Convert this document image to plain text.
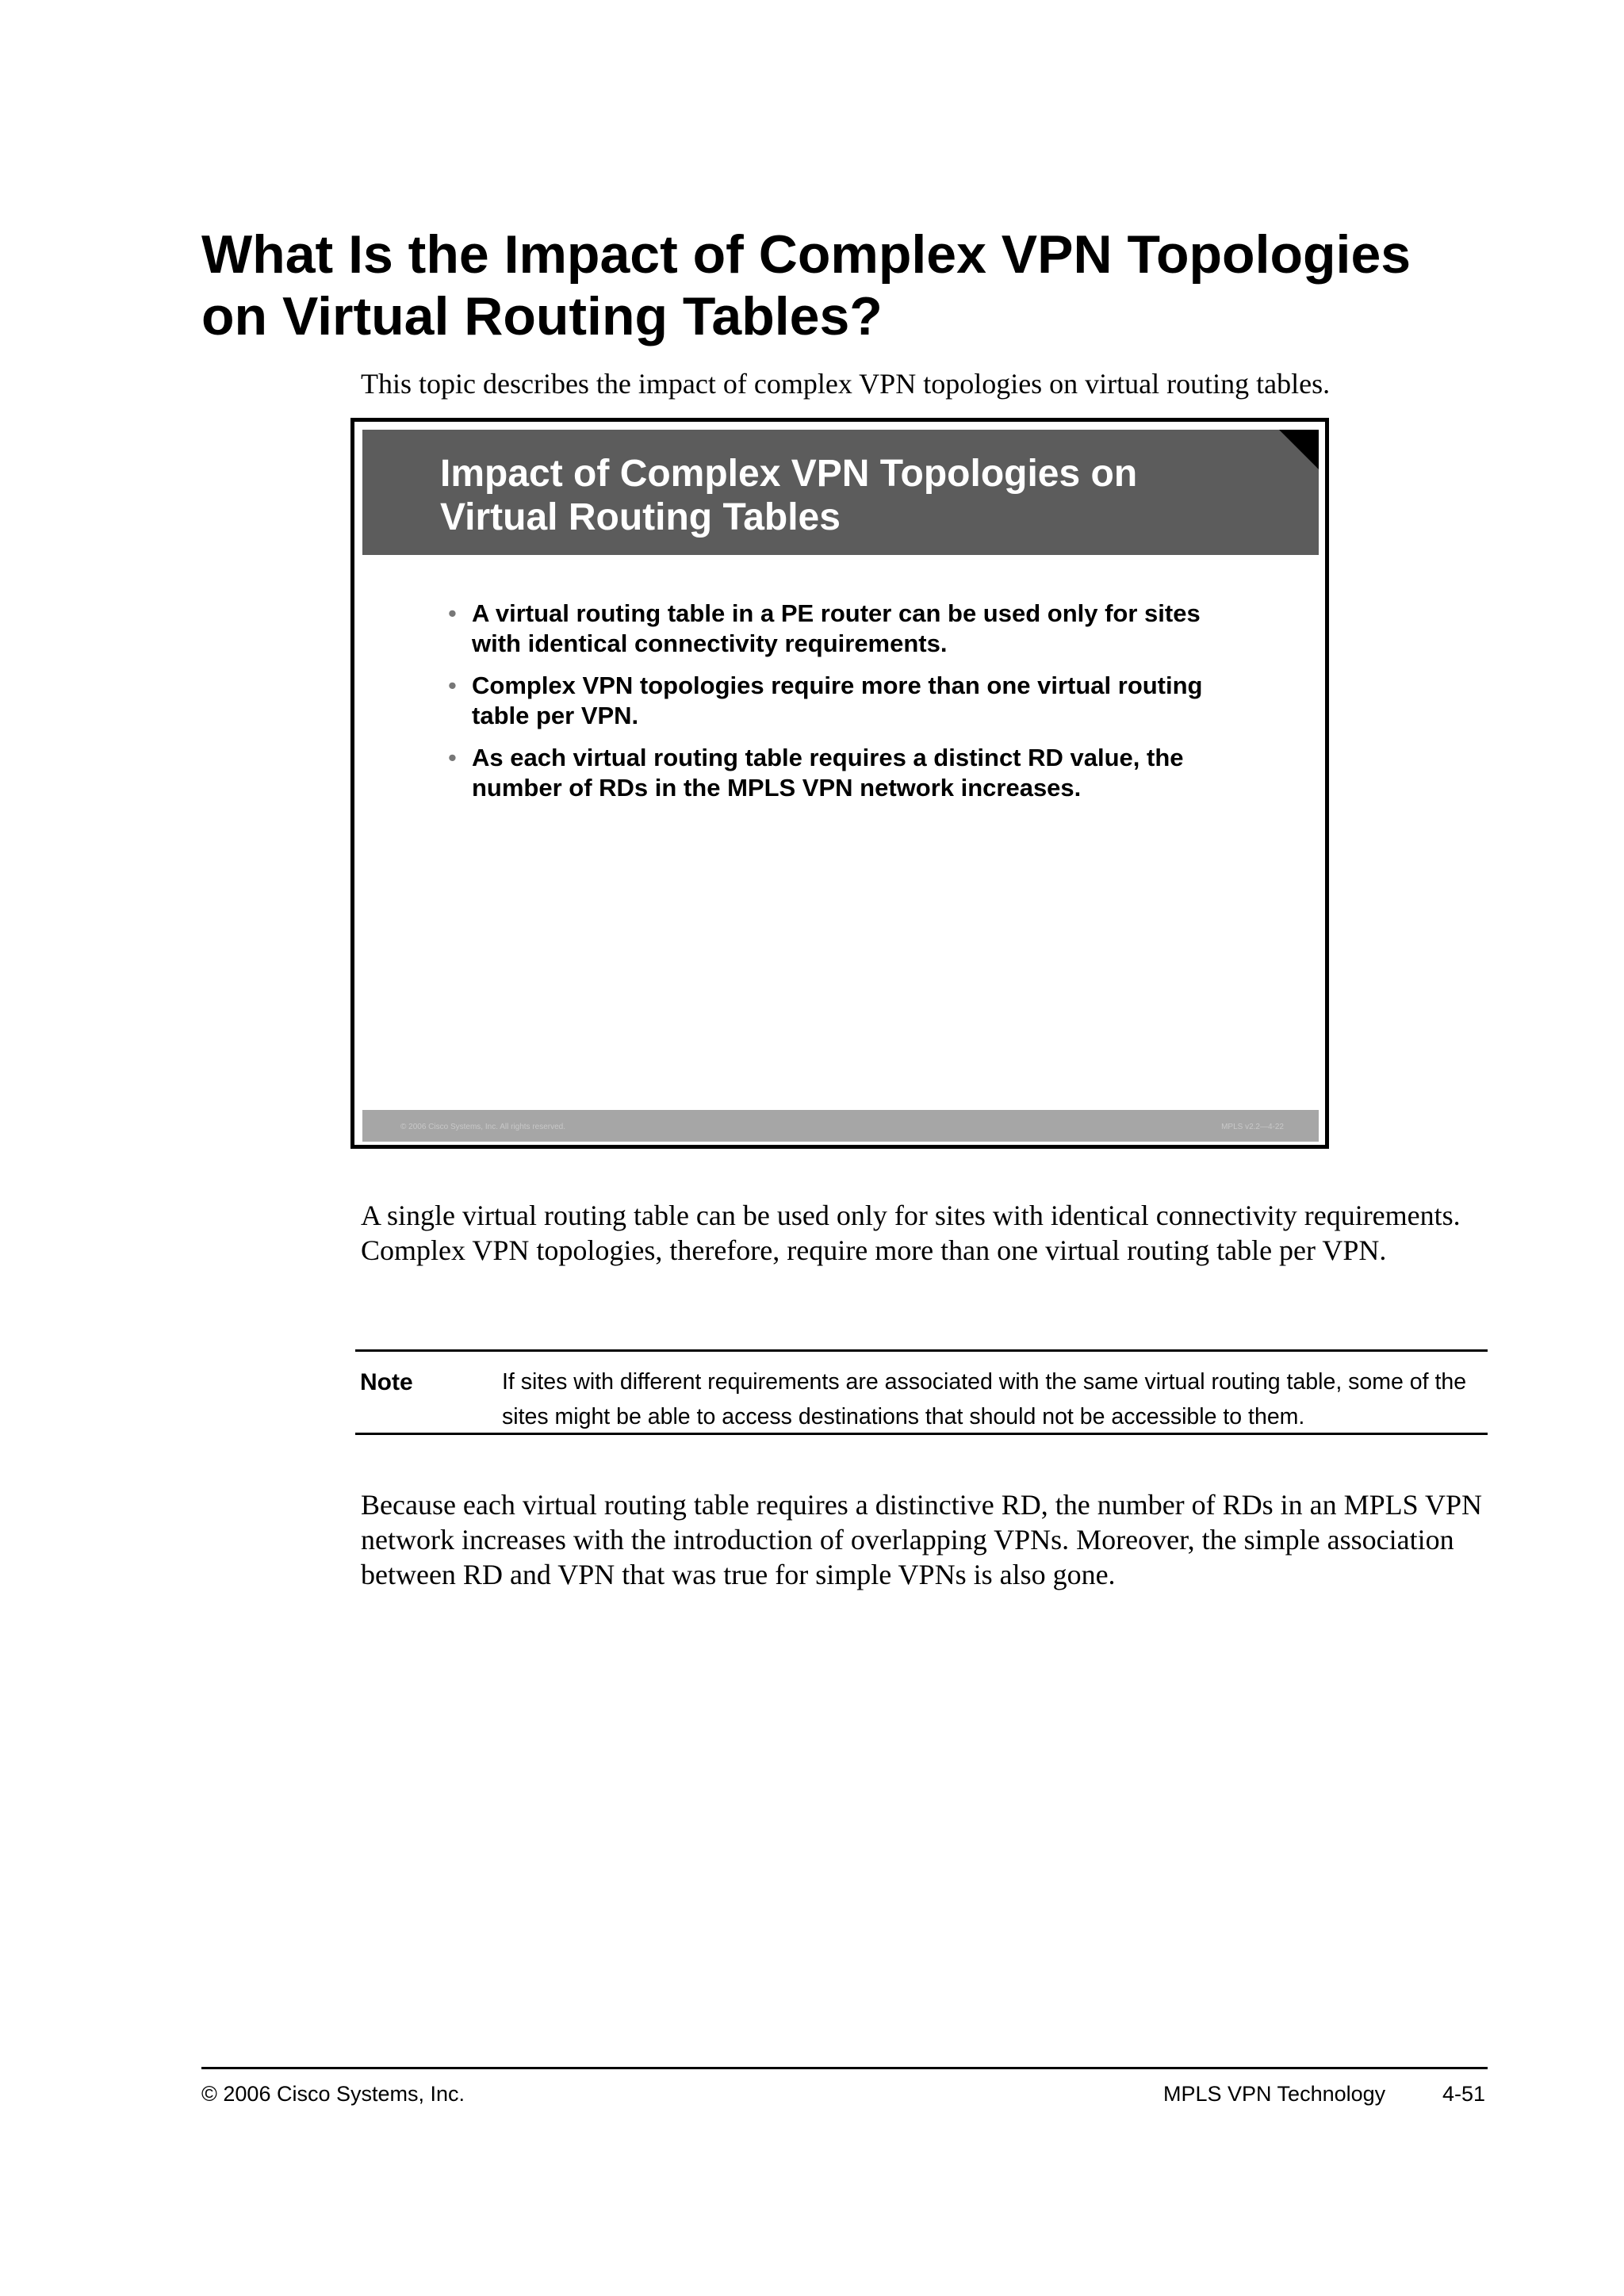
What Is the Impact of Complex VPN Topologies
on Virtual Routing Tables?
This topic describes the impact of complex VPN topologies on virtual routing tables.
Impact of Complex VPN Topologies on
Virtual Routing Tables
• A virtual routing table in a PE router can be used only for sites with identical connectivity requirements.
• Complex VPN topologies require more than one virtual routing table per VPN.
• As each virtual routing table requires a distinct RD value, the number of RDs in the MPLS VPN network increases.
© 2006 Cisco Systems, Inc. All rights reserved.	MPLS v2.2—4-22

A single virtual routing table can be used only for sites with identical connectivity requirements. Complex VPN topologies, therefore, require more than one virtual routing table per VPN.

Note	If sites with different requirements are associated with the same virtual routing table, some of the sites might be able to access destinations that should not be accessible to them.

Because each virtual routing table requires a distinctive RD, the number of RDs in an MPLS VPN network increases with the introduction of overlapping VPNs. Moreover, the simple association between RD and VPN that was true for simple VPNs is also gone.

© 2006 Cisco Systems, Inc.	MPLS VPN Technology	4-51
